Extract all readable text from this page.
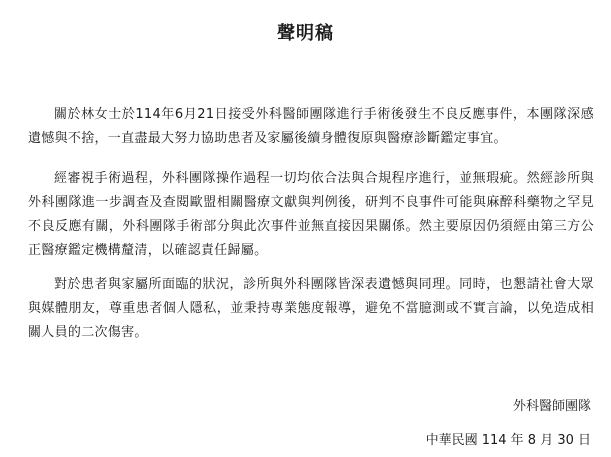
聲明稿
關於林女士於114年6月21日接受外科醫師團隊進行手術後發生不良反應事件，本團隊深感遺憾與不捨，一直盡最大努力協助患者及家屬後續身體復原與醫療診斷鑑定事宜。
經審視手術過程，外科團隊操作過程一切均依合法與合規程序進行，並無瑕疵。然經診所與外科團隊進一步調查及查閱歐盟相關醫療文獻與判例後，研判不良事件可能與麻醉科藥物之罕見不良反應有關，外科團隊手術部分與此次事件並無直接因果關係。然主要原因仍須經由第三方公正醫療鑑定機構釐清，以確認責任歸屬。
對於患者與家屬所面臨的狀況，診所與外科團隊皆深表遺憾與同理。同時，也懇請社會大眾與媒體朋友，尊重患者個人隱私，並秉持專業態度報導，避免不當臆測或不實言論，以免造成相關人員的二次傷害。
外科醫師團隊
中華民國 114 年 8 月 30 日
